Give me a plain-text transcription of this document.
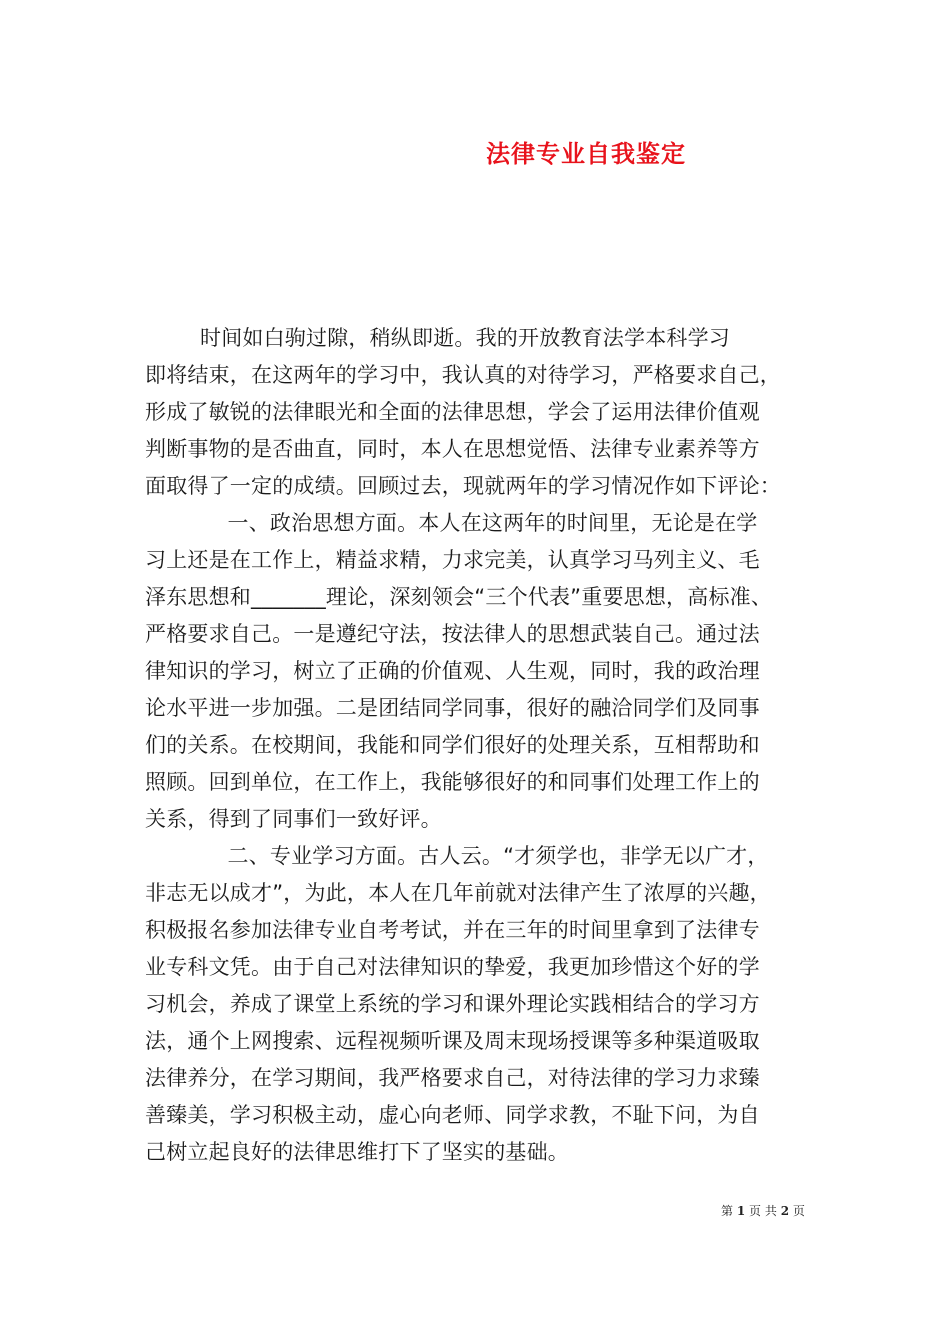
法律专业自我鉴定
时间如白驹过隙，稍纵即逝。我的开放教育法学本科学习
即将结束，在这两年的学习中，我认真的对待学习，严格要求自己，
形成了敏锐的法律眼光和全面的法律思想，学会了运用法律价值观
判断事物的是否曲直，同时，本人在思想觉悟、法律专业素养等方
面取得了一定的成绩。回顾过去，现就两年的学习情况作如下评论：
一、政治思想方面。本人在这两年的时间里，无论是在学
习上还是在工作上，精益求精，力求完美，认真学习马列主义、毛
泽东思想和_______理论，深刻领会“三个代表”重要思想，高标准、
严格要求自己。一是遵纪守法，按法律人的思想武装自己。通过法
律知识的学习，树立了正确的价值观、人生观，同时，我的政治理
论水平进一步加强。二是团结同学同事，很好的融洽同学们及同事
们的关系。在校期间，我能和同学们很好的处理关系，互相帮助和
照顾。回到单位，在工作上，我能够很好的和同事们处理工作上的
关系，得到了同事们一致好评。
二、专业学习方面。古人云。“才须学也，非学无以广才，
非志无以成才”，为此，本人在几年前就对法律产生了浓厚的兴趣，
积极报名参加法律专业自考考试，并在三年的时间里拿到了法律专
业专科文凭。由于自己对法律知识的挚爱，我更加珍惜这个好的学
习机会，养成了课堂上系统的学习和课外理论实践相结合的学习方
法，通个上网搜索、远程视频听课及周末现场授课等多种渠道吸取
法律养分，在学习期间，我严格要求自己，对待法律的学习力求臻
善臻美，学习积极主动，虚心向老师、同学求教，不耻下问，为自
己树立起良好的法律思维打下了坚实的基础。
第 1 页 共 2 页
